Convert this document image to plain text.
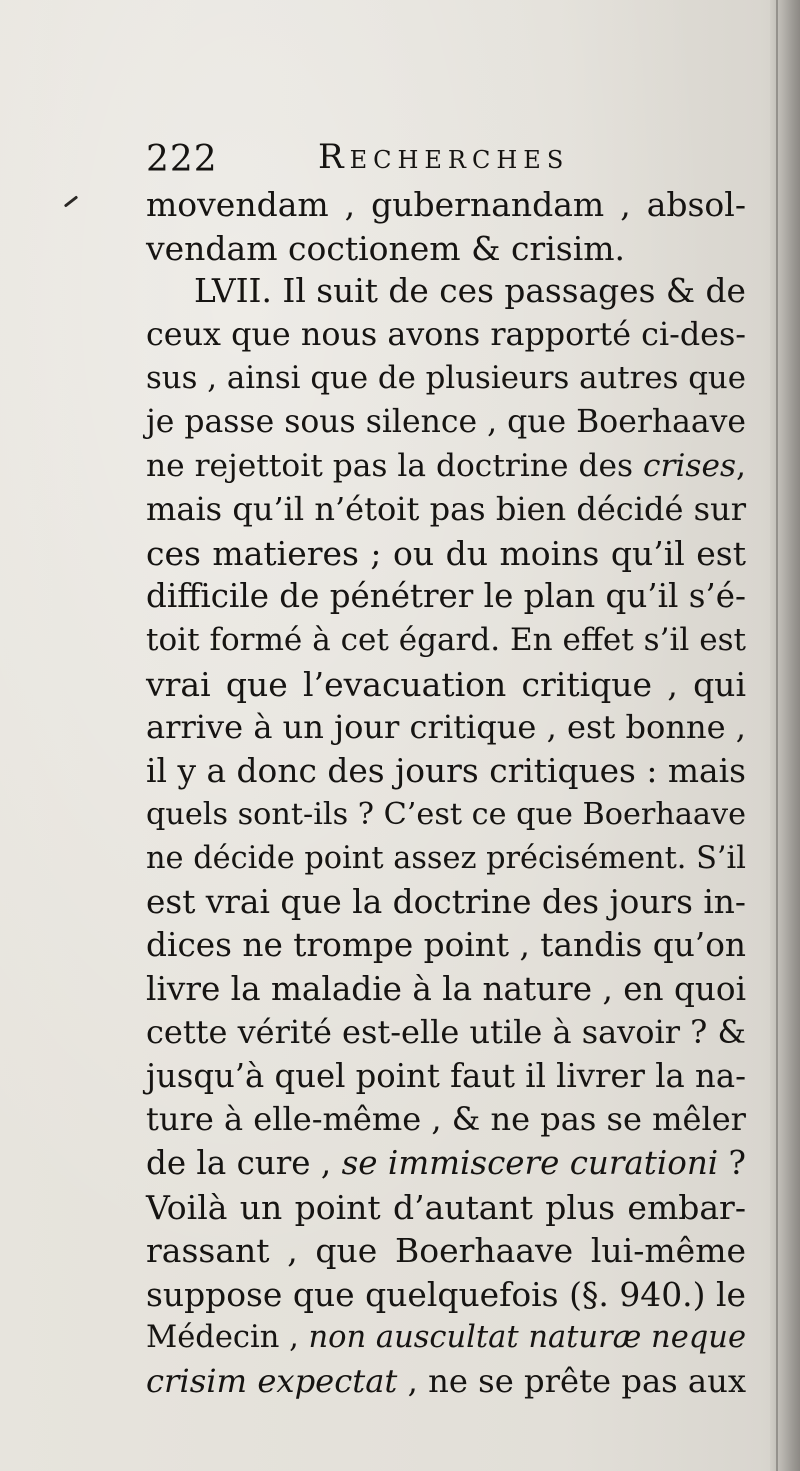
222	Recherches
movendam , gubernandam , absol-
vendam coctionem & crisim.
LVII. Il suit de ces passages & de
ceux que nous avons rapporté ci-des-
sus , ainsi que de plusieurs autres que
je passe sous silence , que Boerhaave
ne rejettoit pas la doctrine des crises,
mais qu’il n’étoit pas bien décidé sur
ces matieres ; ou du moins qu’il est
difficile de pénétrer le plan qu’il s’é-
toit formé à cet égard. En effet s’il est
vrai que l’evacuation critique , qui
arrive à un jour critique , est bonne ,
il y a donc des jours critiques : mais
quels sont-ils ? C’est ce que Boerhaave
ne décide point assez précisément. S’il
est vrai que la doctrine des jours in-
dices ne trompe point , tandis qu’on
livre la maladie à la nature , en quoi
cette vérité est-elle utile à savoir ? &
jusqu’à quel point faut il livrer la na-
ture à elle-même , & ne pas se mêler
de la cure , se immiscere curationi ?
Voilà un point d’autant plus embar-
rassant , que Boerhaave lui-même
suppose que quelquefois (§. 940.) le
Médecin , non auscultat naturæ neque
crisim expectat , ne se prête pas aux
